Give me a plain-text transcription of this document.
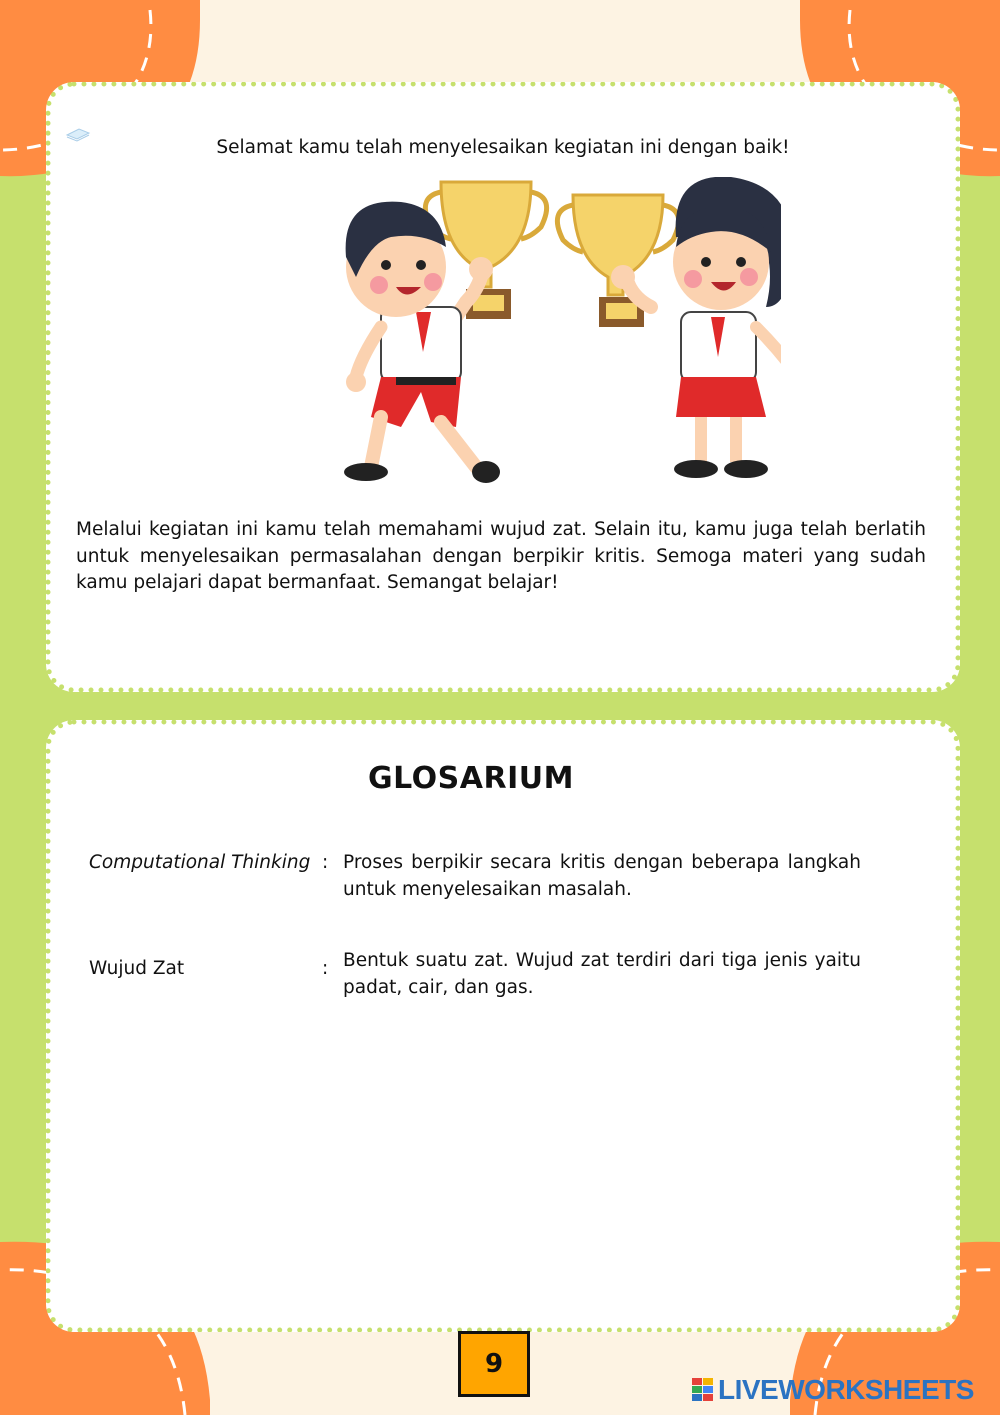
Selamat kamu telah menyelesaikan kegiatan ini dengan baik!
Melalui kegiatan ini kamu telah memahami wujud zat. Selain itu, kamu juga telah berlatih untuk menyelesaikan permasalahan dengan berpikir kritis. Semoga materi yang sudah kamu pelajari dapat bermanfaat. Semangat belajar!
GLOSARIUM
Computational Thinking : Proses berpikir secara kritis dengan beberapa langkah untuk menyelesaikan masalah.
Wujud Zat	: Bentuk suatu zat. Wujud zat terdiri dari tiga jenis yaitu padat, cair, dan gas.
9
LIVEWORKSHEETS
